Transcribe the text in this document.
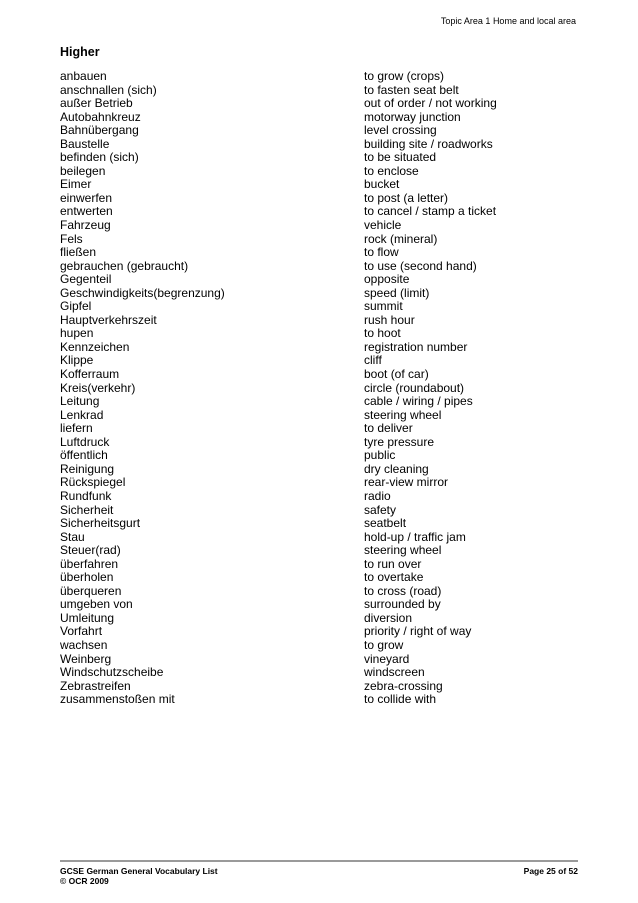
Topic Area 1 Home and local area
Higher
anbauen	to grow (crops)
anschnallen (sich)	to fasten seat belt
außer Betrieb	out of order / not working
Autobahnkreuz	motorway junction
Bahnübergang	level crossing
Baustelle	building site / roadworks
befinden (sich)	to be situated
beilegen	to enclose
Eimer	bucket
einwerfen	to post (a letter)
entwerten	to cancel / stamp a ticket
Fahrzeug	vehicle
Fels	rock (mineral)
fließen	to flow
gebrauchen (gebraucht)	to use (second hand)
Gegenteil	opposite
Geschwindigkeits(begrenzung)	speed (limit)
Gipfel	summit
Hauptverkehrszeit	rush hour
hupen	to hoot
Kennzeichen	registration number
Klippe	cliff
Kofferraum	boot (of car)
Kreis(verkehr)	circle (roundabout)
Leitung	cable / wiring / pipes
Lenkrad	steering wheel
liefern	to deliver
Luftdruck	tyre pressure
öffentlich	public
Reinigung	dry cleaning
Rückspiegel	rear-view mirror
Rundfunk	radio
Sicherheit	safety
Sicherheitsgurt	seatbelt
Stau	hold-up / traffic jam
Steuer(rad)	steering wheel
überfahren	to run over
überholen	to overtake
überqueren	to cross (road)
umgeben von	surrounded by
Umleitung	diversion
Vorfahrt	priority / right of way
wachsen	to grow
Weinberg	vineyard
Windschutzscheibe	windscreen
Zebrastreifen	zebra-crossing
zusammenstoßen mit	to collide with
GCSE German General Vocabulary List
© OCR 2009
Page 25 of 52
